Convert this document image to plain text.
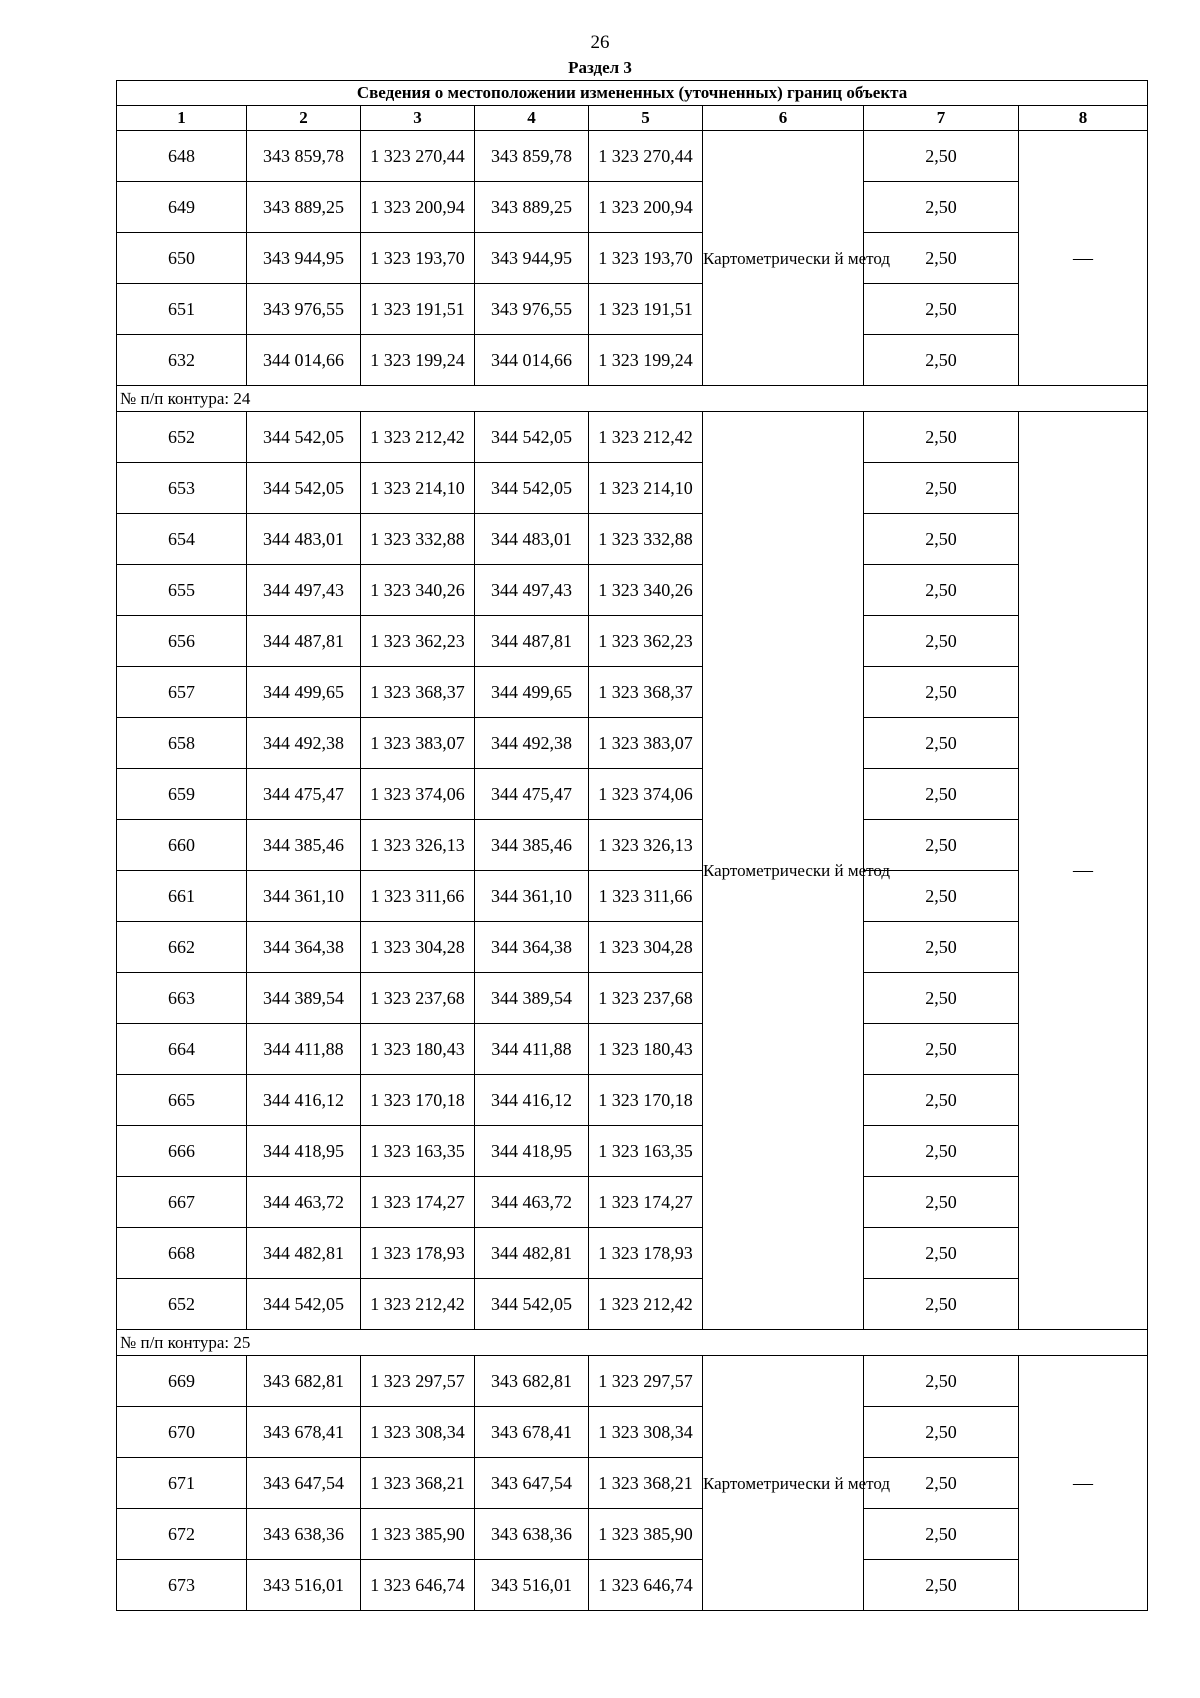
26
Раздел 3
Сведения о местоположении измененных (уточненных) границ объекта							
1	2	3	4	5	6	7	8
648	343 859,78	1 323 270,44	343 859,78	1 323 270,44	Картометрически й метод	2,50	—
649	343 889,25	1 323 200,94	343 889,25	1 323 200,94		2,50	
650	343 944,95	1 323 193,70	343 944,95	1 323 193,70		2,50	
651	343 976,55	1 323 191,51	343 976,55	1 323 191,51		2,50	
632	344 014,66	1 323 199,24	344 014,66	1 323 199,24		2,50	
№ п/п контура: 24							
652	344 542,05	1 323 212,42	344 542,05	1 323 212,42	Картометрически й метод	2,50	—
653	344 542,05	1 323 214,10	344 542,05	1 323 214,10		2,50	
654	344 483,01	1 323 332,88	344 483,01	1 323 332,88		2,50	
655	344 497,43	1 323 340,26	344 497,43	1 323 340,26		2,50	
656	344 487,81	1 323 362,23	344 487,81	1 323 362,23		2,50	
657	344 499,65	1 323 368,37	344 499,65	1 323 368,37		2,50	
658	344 492,38	1 323 383,07	344 492,38	1 323 383,07		2,50	
659	344 475,47	1 323 374,06	344 475,47	1 323 374,06		2,50	
660	344 385,46	1 323 326,13	344 385,46	1 323 326,13		2,50	
661	344 361,10	1 323 311,66	344 361,10	1 323 311,66		2,50	
662	344 364,38	1 323 304,28	344 364,38	1 323 304,28		2,50	
663	344 389,54	1 323 237,68	344 389,54	1 323 237,68		2,50	
664	344 411,88	1 323 180,43	344 411,88	1 323 180,43		2,50	
665	344 416,12	1 323 170,18	344 416,12	1 323 170,18		2,50	
666	344 418,95	1 323 163,35	344 418,95	1 323 163,35		2,50	
667	344 463,72	1 323 174,27	344 463,72	1 323 174,27		2,50	
668	344 482,81	1 323 178,93	344 482,81	1 323 178,93		2,50	
652	344 542,05	1 323 212,42	344 542,05	1 323 212,42		2,50	
№ п/п контура: 25							
669	343 682,81	1 323 297,57	343 682,81	1 323 297,57	Картометрически й метод	2,50	—
670	343 678,41	1 323 308,34	343 678,41	1 323 308,34		2,50	
671	343 647,54	1 323 368,21	343 647,54	1 323 368,21		2,50	
672	343 638,36	1 323 385,90	343 638,36	1 323 385,90		2,50	
673	343 516,01	1 323 646,74	343 516,01	1 323 646,74		2,50	
